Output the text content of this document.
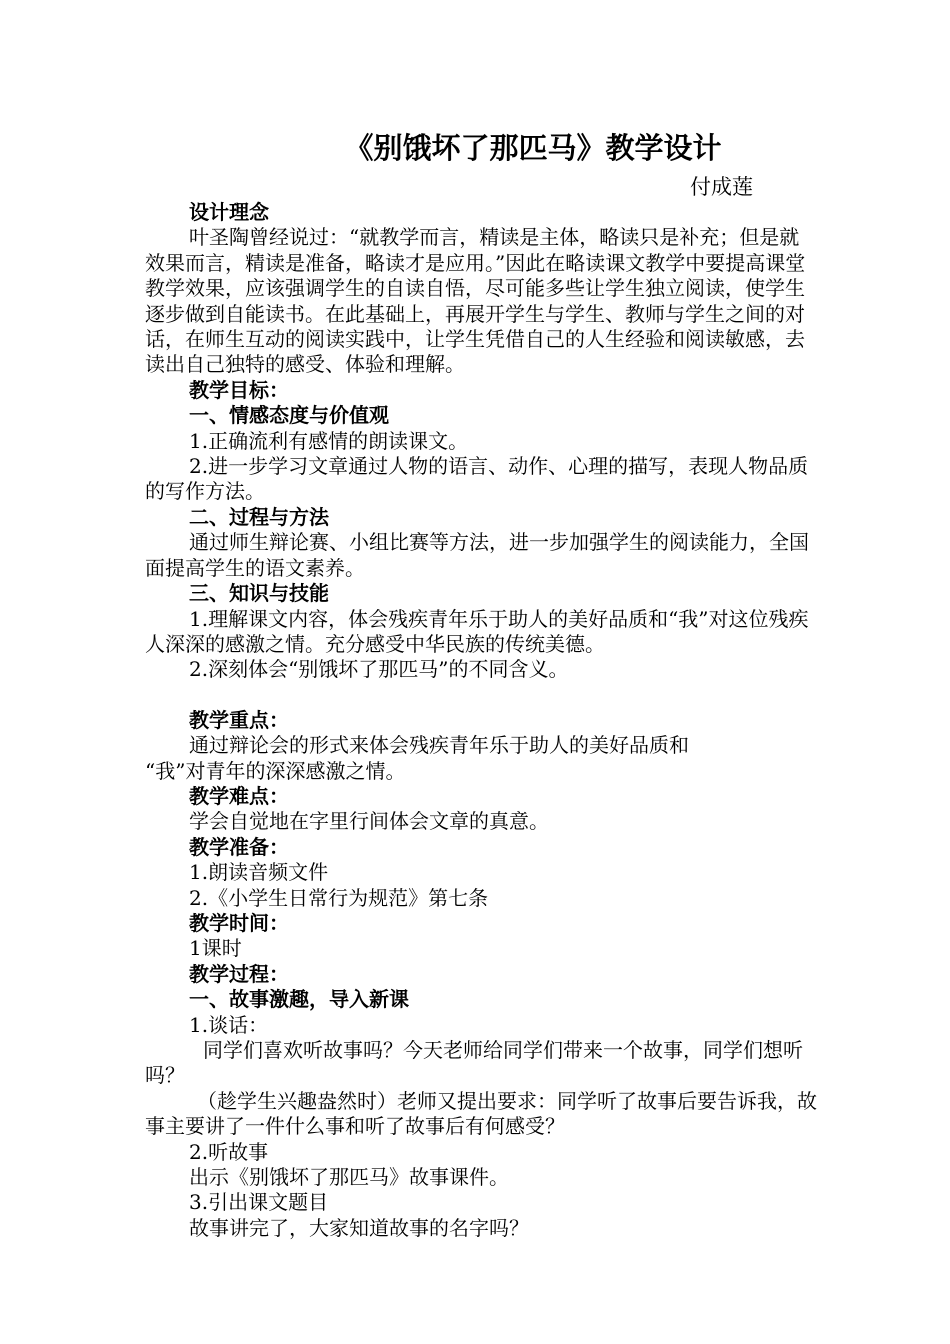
《别饿坏了那匹马》教学设计
付成莲

设计理念

叶圣陶曾经说过：“就教学而言，精读是主体，略读只是补充；但是就效果而言，精读是准备，略读才是应用。”因此在略读课文教学中要提高课堂教学效果，应该强调学生的自读自悟，尽可能多些让学生独立阅读，使学生逐步做到自能读书。在此基础上，再展开学生与学生、教师与学生之间的对话，在师生互动的阅读实践中，让学生凭借自己的人生经验和阅读敏感，去读出自己独特的感受、体验和理解。

教学目标：

一、情感态度与价值观

1.正确流利有感情的朗读课文。

2.进一步学习文章通过人物的语言、动作、心理的描写，表现人物品质的写作方法。

二、过程与方法

通过师生辩论赛、小组比赛等方法，进一步加强学生的阅读能力，全国面提高学生的语文素养。

三、知识与技能

1.理解课文内容，体会残疾青年乐于助人的美好品质和“我”对这位残疾人深深的感激之情。充分感受中华民族的传统美德。

2.深刻体会“别饿坏了那匹马”的不同含义。

教学重点：

通过辩论会的形式来体会残疾青年乐于助人的美好品质和

“我”对青年的深深感激之情。

教学难点：

学会自觉地在字里行间体会文章的真意。

教学准备：

1.朗读音频文件

2.《小学生日常行为规范》第七条

教学时间：

1课时

教学过程：

一、故事激趣，导入新课

1.谈话：

同学们喜欢听故事吗？今天老师给同学们带来一个故事，同学们想听吗？

（趁学生兴趣盎然时）老师又提出要求：同学听了故事后要告诉我，故事主要讲了一件什么事和听了故事后有何感受？

2.听故事

出示《别饿坏了那匹马》故事课件。

3.引出课文题目

故事讲完了，大家知道故事的名字吗？
